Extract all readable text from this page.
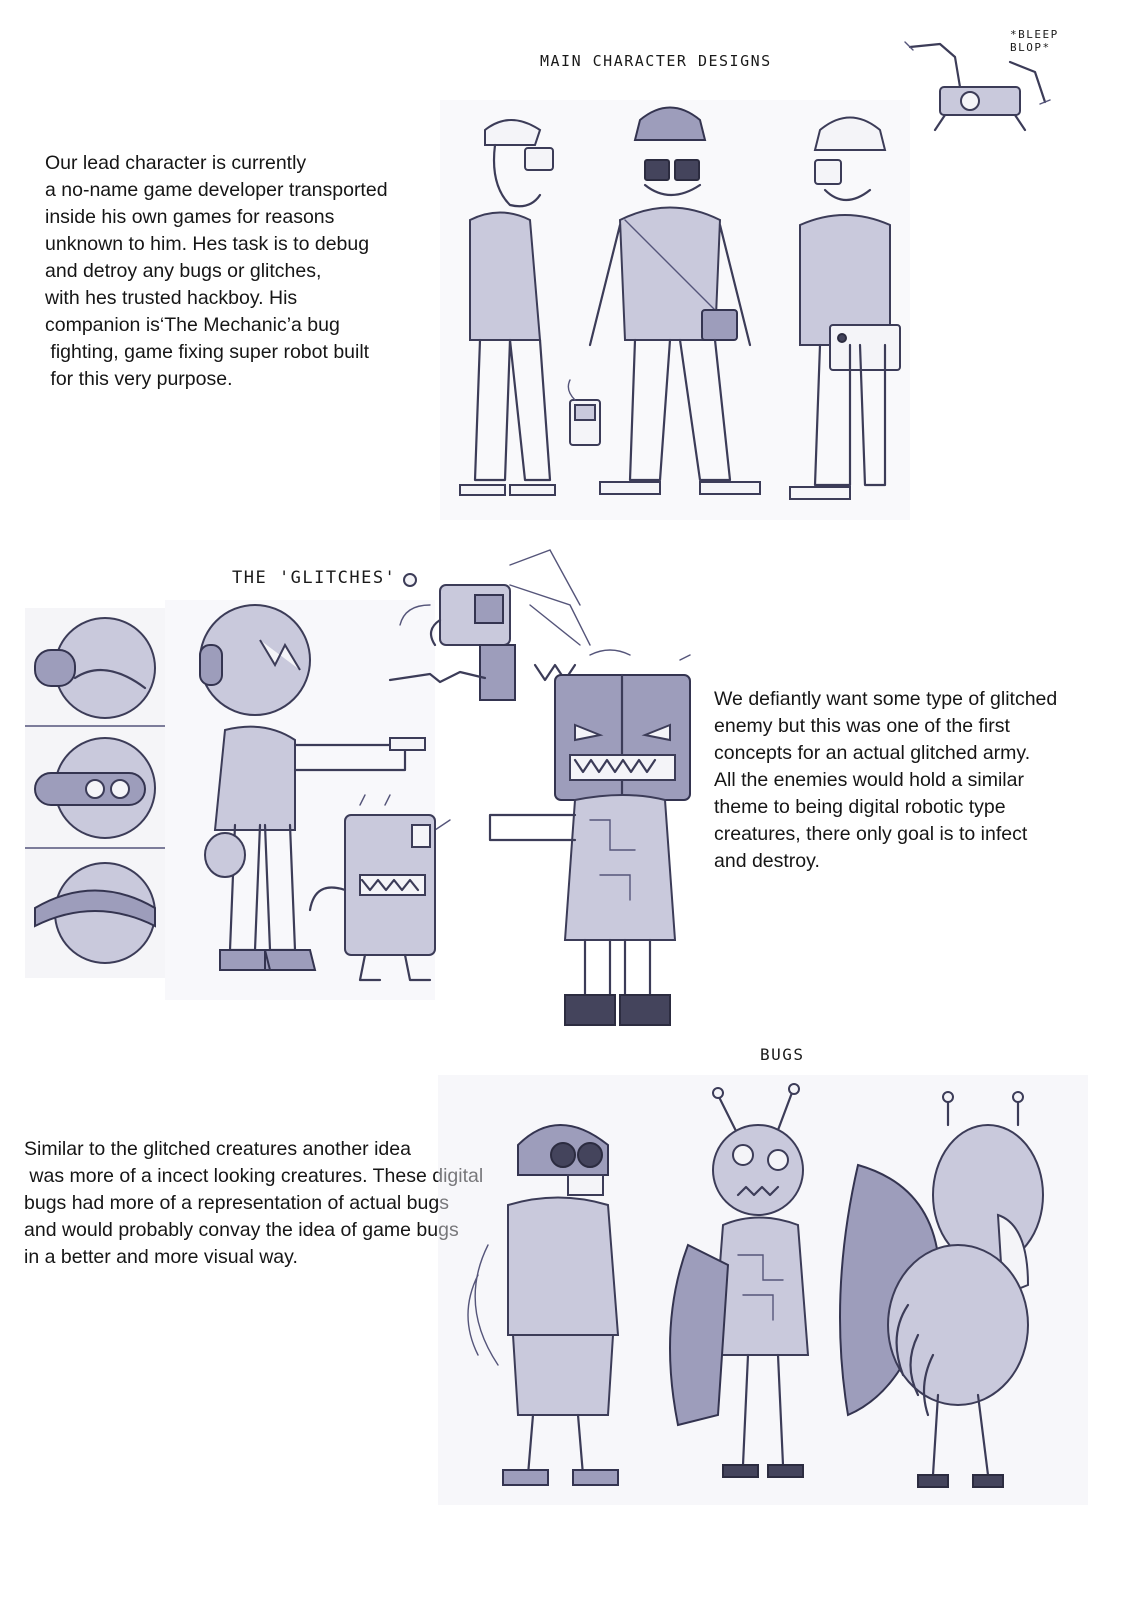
MAIN CHARACTER DESIGNS
*BLEEP BLOP*

Our lead character is currently
a no-name game developer transported
inside his own games for reasons
unknown to him. Hes task is to debug
and detroy any bugs or glitches,
with hes trusted hackboy. His
companion is‘The Mechanic’a bug
fighting, game fixing super robot built
for this very purpose.

THE 'GLITCHES'

We defiantly want some type of glitched
enemy but this was one of the first
concepts for an actual glitched army.
All the enemies would hold a similar
theme to being digital robotic type
creatures, there only goal is to infect
and destroy.

BUGS

Similar to the glitched creatures another idea
was more of a incect looking creatures. These digital
bugs had more of a representation of actual bugs
and would probably convay the idea of game bugs
in a better and more visual way.
